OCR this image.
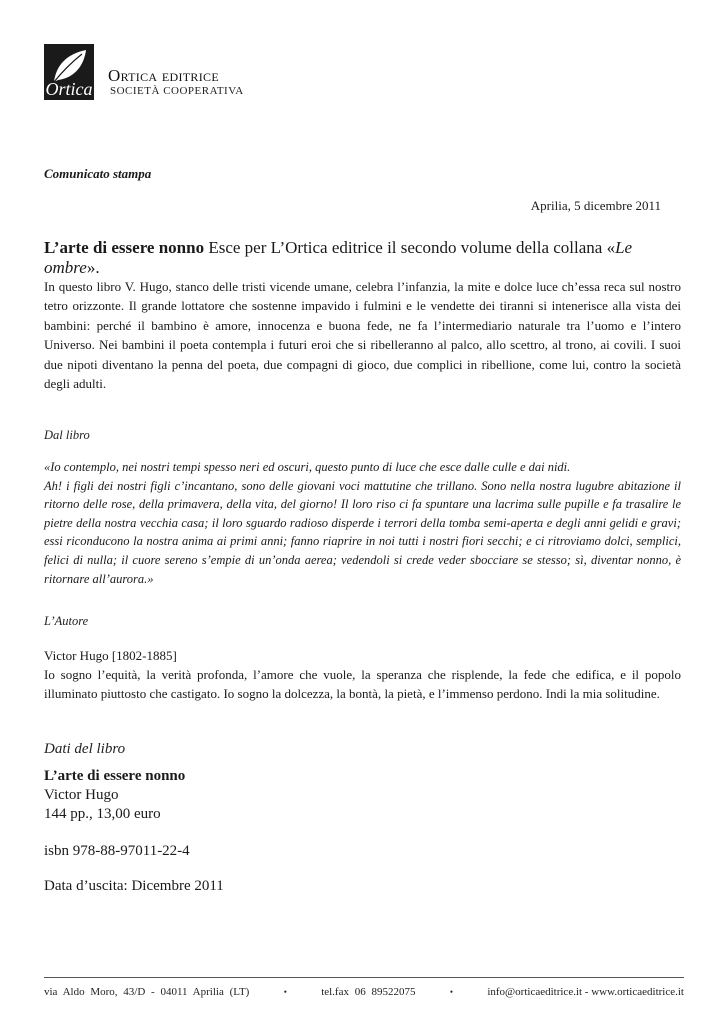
Ortica
Ortica editrice
SOCIETÀ COOPERATIVA
Comunicato stampa
Aprilia, 5 dicembre 2011
L’arte di essere nonno Esce per L’Ortica editrice il secondo volume della collana «Le ombre».

In questo libro V. Hugo, stanco delle tristi vicende umane, celebra l’infanzia, la mite e dolce luce ch’essa reca sul nostro tetro orizzonte. Il grande lottatore che sostenne impavido i fulmini e le vendette dei tiranni si intenerisce alla vista dei bambini: perché il bambino è amore, innocenza e buona fede, ne fa l’intermediario naturale tra l’uomo e l’intero Universo. Nei bambini il poeta contempla i futuri eroi che si ribelleranno al palco, allo scettro, al trono, ai covili. I suoi due nipoti diventano la penna del poeta, due compagni di gioco, due complici in ribellione, come lui, contro la società degli adulti.

Dal libro

«Io contemplo, nei nostri tempi spesso neri ed oscuri, questo punto di luce che esce dalle culle e dai nidi.
Ah! i figli dei nostri figli c’incantano, sono delle giovani voci mattutine che trillano. Sono nella nostra lugubre abitazione il ritorno delle rose, della primavera, della vita, del giorno! Il loro riso ci fa spuntare una lacrima sulle pupille e fa trasalire le pietre della nostra vecchia casa; il loro sguardo radioso disperde i terrori della tomba semi-aperta e degli anni gelidi e gravi; essi riconducono la nostra anima ai primi anni; fanno riaprire in noi tutti i nostri fiori secchi; e ci ritroviamo dolci, semplici, felici di nulla; il cuore sereno s’empie di un’onda aerea; vedendoli si crede veder sbocciare se stesso; sì, diventar nonno, è ritornare all’aurora.»

L’Autore

Victor Hugo [1802-1885]
Io sogno l’equità, la verità profonda, l’amore che vuole, la speranza che risplende, la fede che edifica, e il popolo illuminato piuttosto che castigato. Io sogno la dolcezza, la bontà, la pietà, e l’immenso perdono. Indi la mia solitudine.

Dati del libro
L’arte di essere nonno
Victor Hugo
144 pp., 13,00 euro
isbn 978-88-97011-22-4
Data d’uscita: Dicembre 2011
via Aldo Moro, 43/D - 04011 Aprilia (LT)	•	tel.fax 06 89522075	•	info@orticaeditrice.it - www.orticaeditrice.it
